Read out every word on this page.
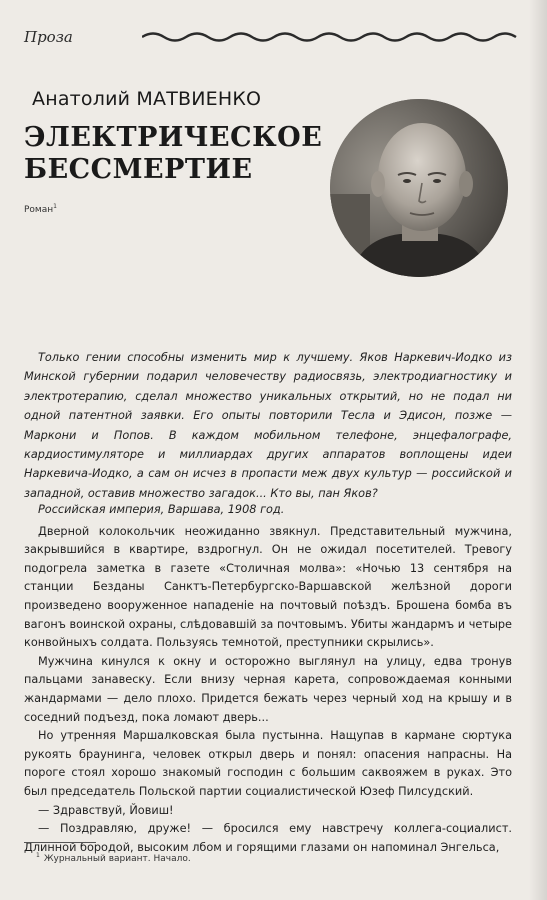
Проза
Анатолий МАТВИЕНКО
ЭЛЕКТРИЧЕСКОЕ
БЕССМЕРТИЕ
Роман$^1$

Только гении способны изменить мир к лучшему. Яков Наркевич-Иодко из Минской губернии подарил человечеству радиосвязь, электродиагностику и электротерапию, сделал множество уникальных открытий, но не подал ни одной патентной заявки. Его опыты повторили Тесла и Эдисон, позже — Маркони и Попов. В каждом мобильном телефоне, энцефалографе, кардиостимуляторе и миллиардах других аппаратов воплощены идеи Наркевича-Иодко, а сам он исчез в пропасти меж двух культур — российской и западной, оставив множество загадок... Кто вы, пан Яков?

Российская империя, Варшава, 1908 год.

Дверной колокольчик неожиданно звякнул. Представительный мужчина, закрывшийся в квартире, вздрогнул. Он не ожидал посетителей. Тревогу подогрела заметка в газете «Столичная молва»: «Ночью 13 сентября на станции Безданы Санктъ-Петербургско-Варшавской желѣзной дороги произведено вооруженное нападеніе на почтовый поѣздъ. Брошена бомба въ вагонъ воинской охраны, слѣдовавшій за почтовымъ. Убиты жандармъ и четыре конвойныхъ солдата. Пользуясь темнотой, преступники скрылись».

Мужчина кинулся к окну и осторожно выглянул на улицу, едва тронув пальцами занавеску. Если внизу черная карета, сопровождаемая конными жандармами — дело плохо. Придется бежать через черный ход на крышу и в соседний подъезд, пока ломают дверь...

Но утренняя Маршалковская была пустынна. Нащупав в кармане сюртука рукоять браунинга, человек открыл дверь и понял: опасения напрасны. На пороге стоял хорошо знакомый господин с большим саквояжем в руках. Это был председатель Польской партии социалистической Юзеф Пилсудский.

— Здравствуй, Йовиш!

— Поздравляю, друже! — бросился ему навстречу коллега-социалист. Длинной бородой, высоким лбом и горящими глазами он напоминал Энгельса,

$^1$ Журнальный вариант. Начало.
